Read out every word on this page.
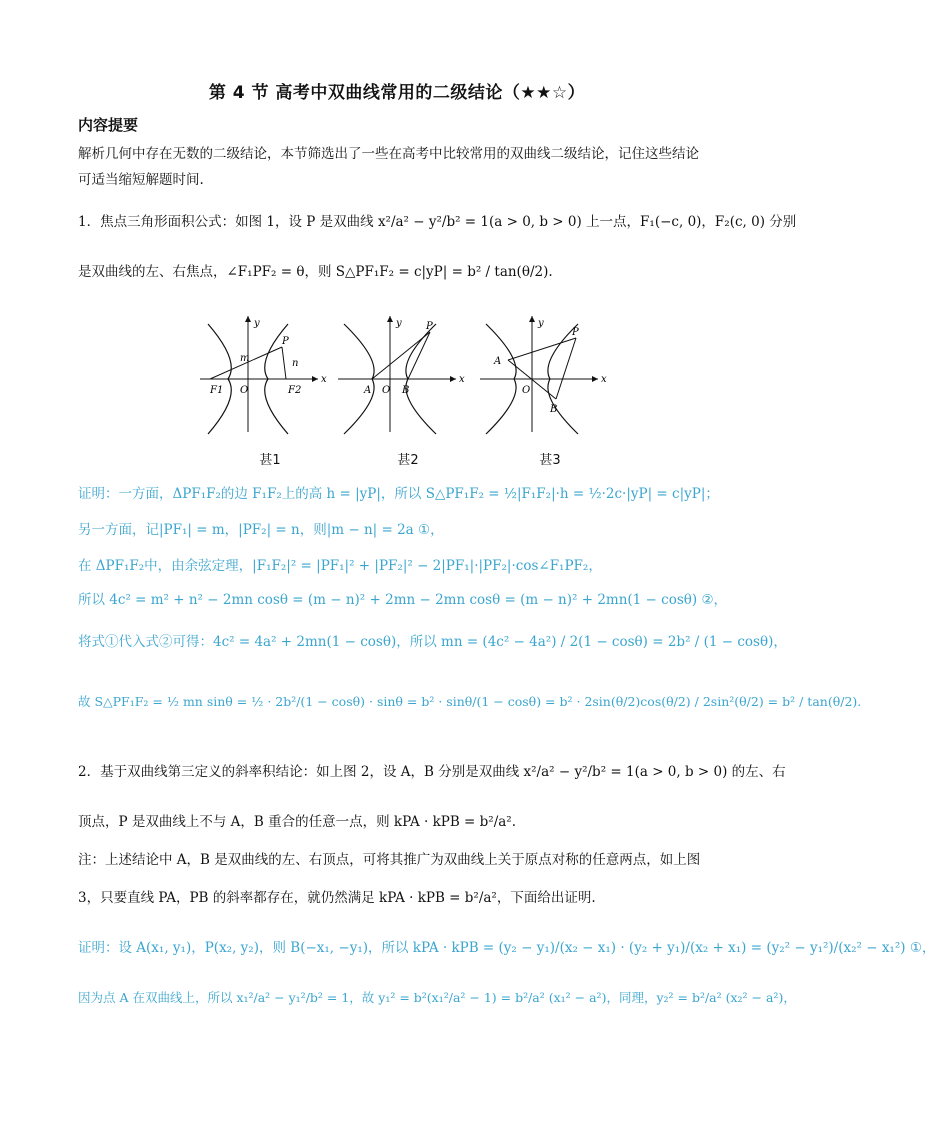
第 4 节 高考中双曲线常用的二级结论（★★☆）
内容提要
解析几何中存在无数的二级结论，本节筛选出了一些在高考中比较常用的双曲线二级结论，记住这些结论
可适当缩短解题时间.
1．焦点三角形面积公式：如图 1，设 P 是双曲线 x²/a² − y²/b² = 1(a > 0, b > 0) 上一点，F₁(−c, 0)，F₂(c, 0) 分别
是双曲线的左、右焦点，∠F₁PF₂ = θ，则 S△PF₁F₂ = c|yP| = b² / tan(θ/2).
y
x
P
m	n
F1 O	F2
甚1
y
x
P
A O B
甚2
y
x
P
A
O
B
甚3
证明：一方面，ΔPF₁F₂的边 F₁F₂上的高 h = |yP|，所以 S△PF₁F₂ = ½|F₁F₂|·h = ½·2c·|yP| = c|yP|；
另一方面，记|PF₁| = m，|PF₂| = n，则|m − n| = 2a ①，
在 ΔPF₁F₂中，由余弦定理，|F₁F₂|² = |PF₁|² + |PF₂|² − 2|PF₁|·|PF₂|·cos∠F₁PF₂，
所以 4c² = m² + n² − 2mn cosθ = (m − n)² + 2mn − 2mn cosθ = (m − n)² + 2mn(1 − cosθ) ②，
将式①代入式②可得：4c² = 4a² + 2mn(1 − cosθ)，所以 mn = (4c² − 4a²) / 2(1 − cosθ) = 2b² / (1 − cosθ)，
故 S△PF₁F₂ = ½ mn sinθ = ½ · 2b²/(1 − cosθ) · sinθ = b² · sinθ/(1 − cosθ) = b² · 2sin(θ/2)cos(θ/2) / 2sin²(θ/2) = b² / tan(θ/2).
2．基于双曲线第三定义的斜率积结论：如上图 2，设 A，B 分别是双曲线 x²/a² − y²/b² = 1(a > 0, b > 0) 的左、右
顶点，P 是双曲线上不与 A，B 重合的任意一点，则 kPA · kPB = b²/a².
注：上述结论中 A，B 是双曲线的左、右顶点，可将其推广为双曲线上关于原点对称的任意两点，如上图
3，只要直线 PA，PB 的斜率都存在，就仍然满足 kPA · kPB = b²/a²，下面给出证明.
证明：设 A(x₁, y₁)，P(x₂, y₂)，则 B(−x₁, −y₁)，所以 kPA · kPB = (y₂ − y₁)/(x₂ − x₁) · (y₂ + y₁)/(x₂ + x₁) = (y₂² − y₁²)/(x₂² − x₁²) ①，
因为点 A 在双曲线上，所以 x₁²/a² − y₁²/b² = 1，故 y₁² = b²(x₁²/a² − 1) = b²/a² (x₁² − a²)，同理，y₂² = b²/a² (x₂² − a²)，
